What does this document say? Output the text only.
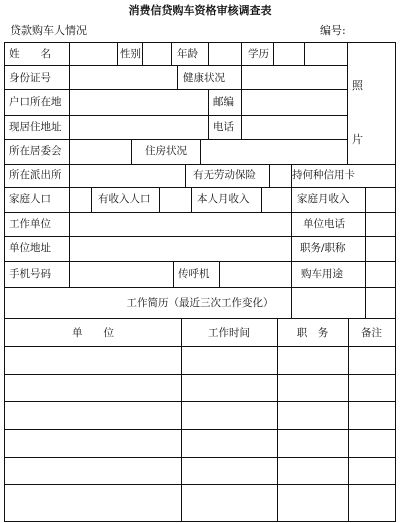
消费信贷购车资格审核调查表
贷款购车人情况	编号:
姓　　名	性别	年龄	学历
身份证号	健康状况
户口所在地	邮编
现居住地址	电话
所在居委会	住房状况
所在派出所	有无劳动保险	持何种信用卡
家庭人口	有收入人口	本人月收入	家庭月收入
工作单位	单位电话
单位地址	职务/职称
手机号码	传呼机	购车用途
照
片
工作简历（最近三次工作变化）
单　　位	工作时间	职　务	备注
